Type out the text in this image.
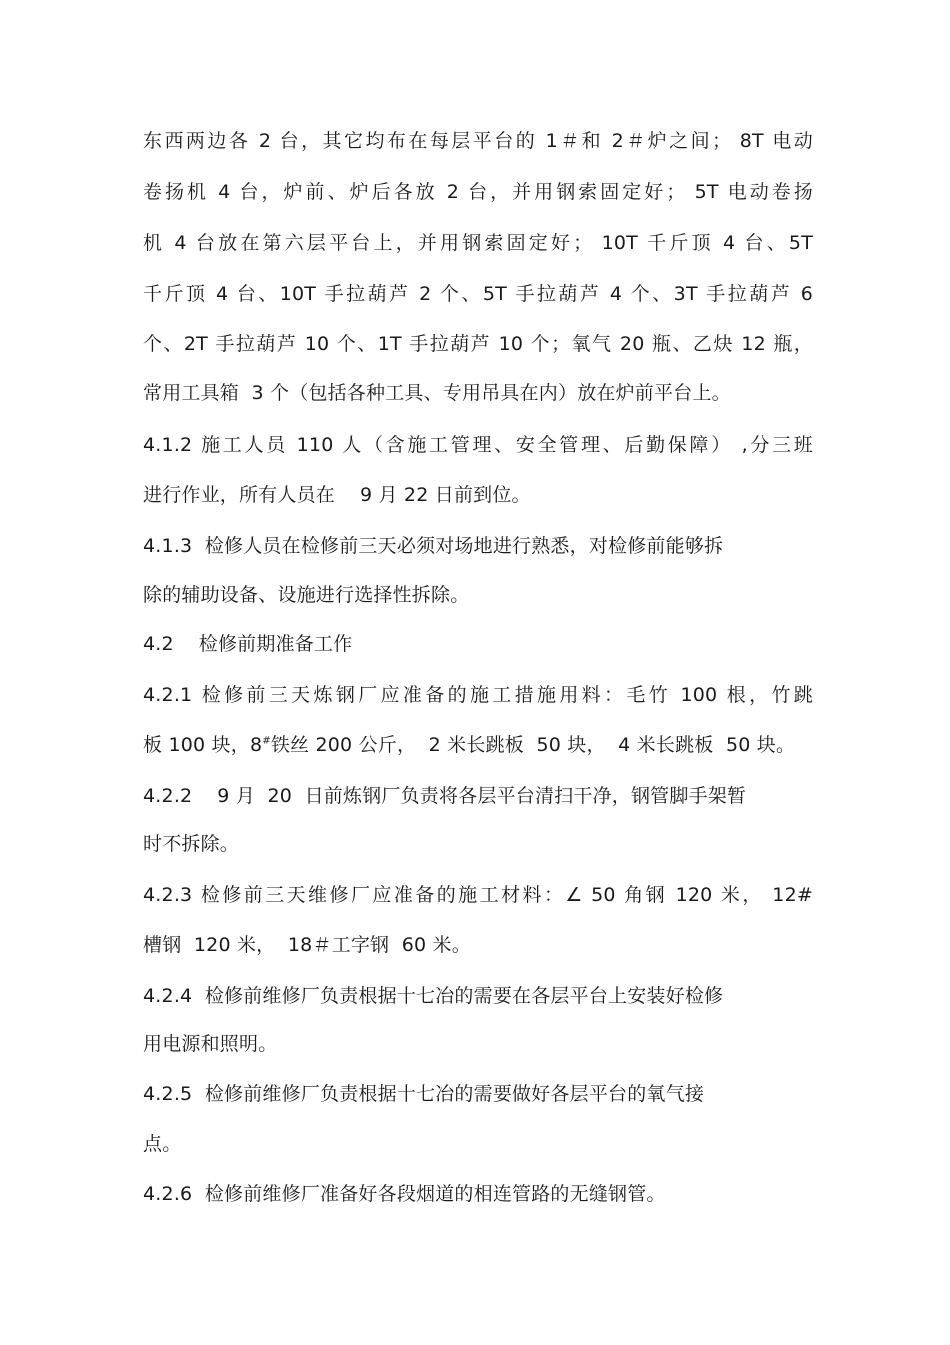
东西两边各 2 台，其它均布在每层平台的 1＃和 2＃炉之间； 8T 电动
卷扬机 4 台，炉前、炉后各放 2 台，并用钢索固定好； 5T 电动卷扬
机 4 台放在第六层平台上，并用钢索固定好； 10T 千斤顶 4 台、5T
千斤顶 4 台、10T 手拉葫芦 2 个、5T 手拉葫芦 4 个、3T 手拉葫芦 6
个、2T 手拉葫芦 10 个、1T 手拉葫芦 10 个；氧气 20 瓶、乙炔 12 瓶，
常用工具箱  3 个（包括各种工具、专用吊具在内）放在炉前平台上。
4.1.2 施工人员 110 人（含施工管理、安全管理、后勤保障） ,分三班
进行作业，所有人员在    9 月 22 日前到位。
4.1.3  检修人员在检修前三天必须对场地进行熟悉，对检修前能够拆
除的辅助设备、设施进行选择性拆除。
4.2    检修前期准备工作
4.2.1 检修前三天炼钢厂应准备的施工措施用料：毛竹 100 根，竹跳
板 100 块，8#铁丝 200 公斤，  2 米长跳板  50 块，  4 米长跳板  50 块。
4.2.2    9 月  20  日前炼钢厂负责将各层平台清扫干净，钢管脚手架暂
时不拆除。
4.2.3 检修前三天维修厂应准备的施工材料：∠ 50 角钢 120 米， 12#
槽钢  120 米，  18＃工字钢  60 米。
4.2.4  检修前维修厂负责根据十七冶的需要在各层平台上安装好检修
用电源和照明。
4.2.5  检修前维修厂负责根据十七冶的需要做好各层平台的氧气接
点。
4.2.6  检修前维修厂准备好各段烟道的相连管路的无缝钢管。
